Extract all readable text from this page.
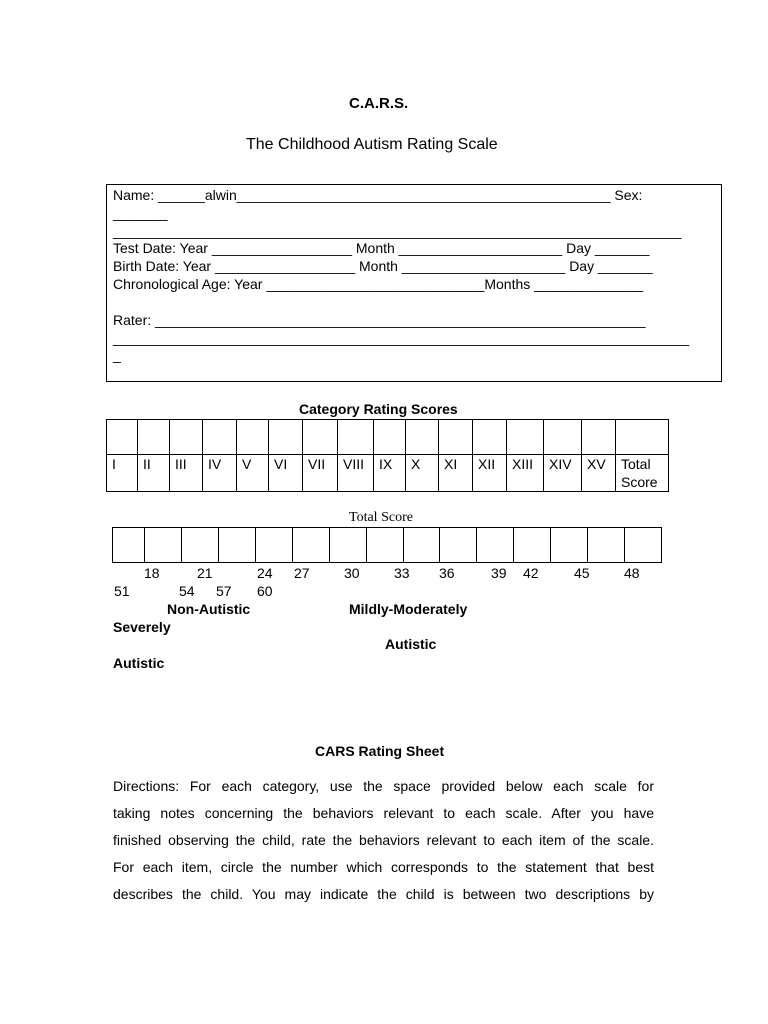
C.A.R.S.
The Childhood Autism Rating Scale
Name: ______alwin________________________________________________ Sex:
_______
_________________________________________________________________________
Test Date: Year __________________ Month _____________________ Day _______
Birth Date: Year __________________ Month _____________________ Day _______
Chronological Age: Year ____________________________Months ______________
Rater: _______________________________________________________________
__________________________________________________________________________
_
Category Rating Scores

I	II	III	IV	V	VI	VII	VIII	IX	X	XI	XII	XIII	XIV	XV	Total Score
Total Score
18	21	24 27 30 33 36	39 42	45 48
51	54 57 60
Non-Autistic	Mildly-Moderately
Severely
Autistic
Autistic
CARS Rating Sheet
Directions: For each category, use the space provided below each scale for
taking notes concerning the behaviors relevant to each scale. After you have
finished observing the child, rate the behaviors relevant to each item of the scale.
For each item, circle the number which corresponds to the statement that best
describes the child. You may indicate the child is between two descriptions by
